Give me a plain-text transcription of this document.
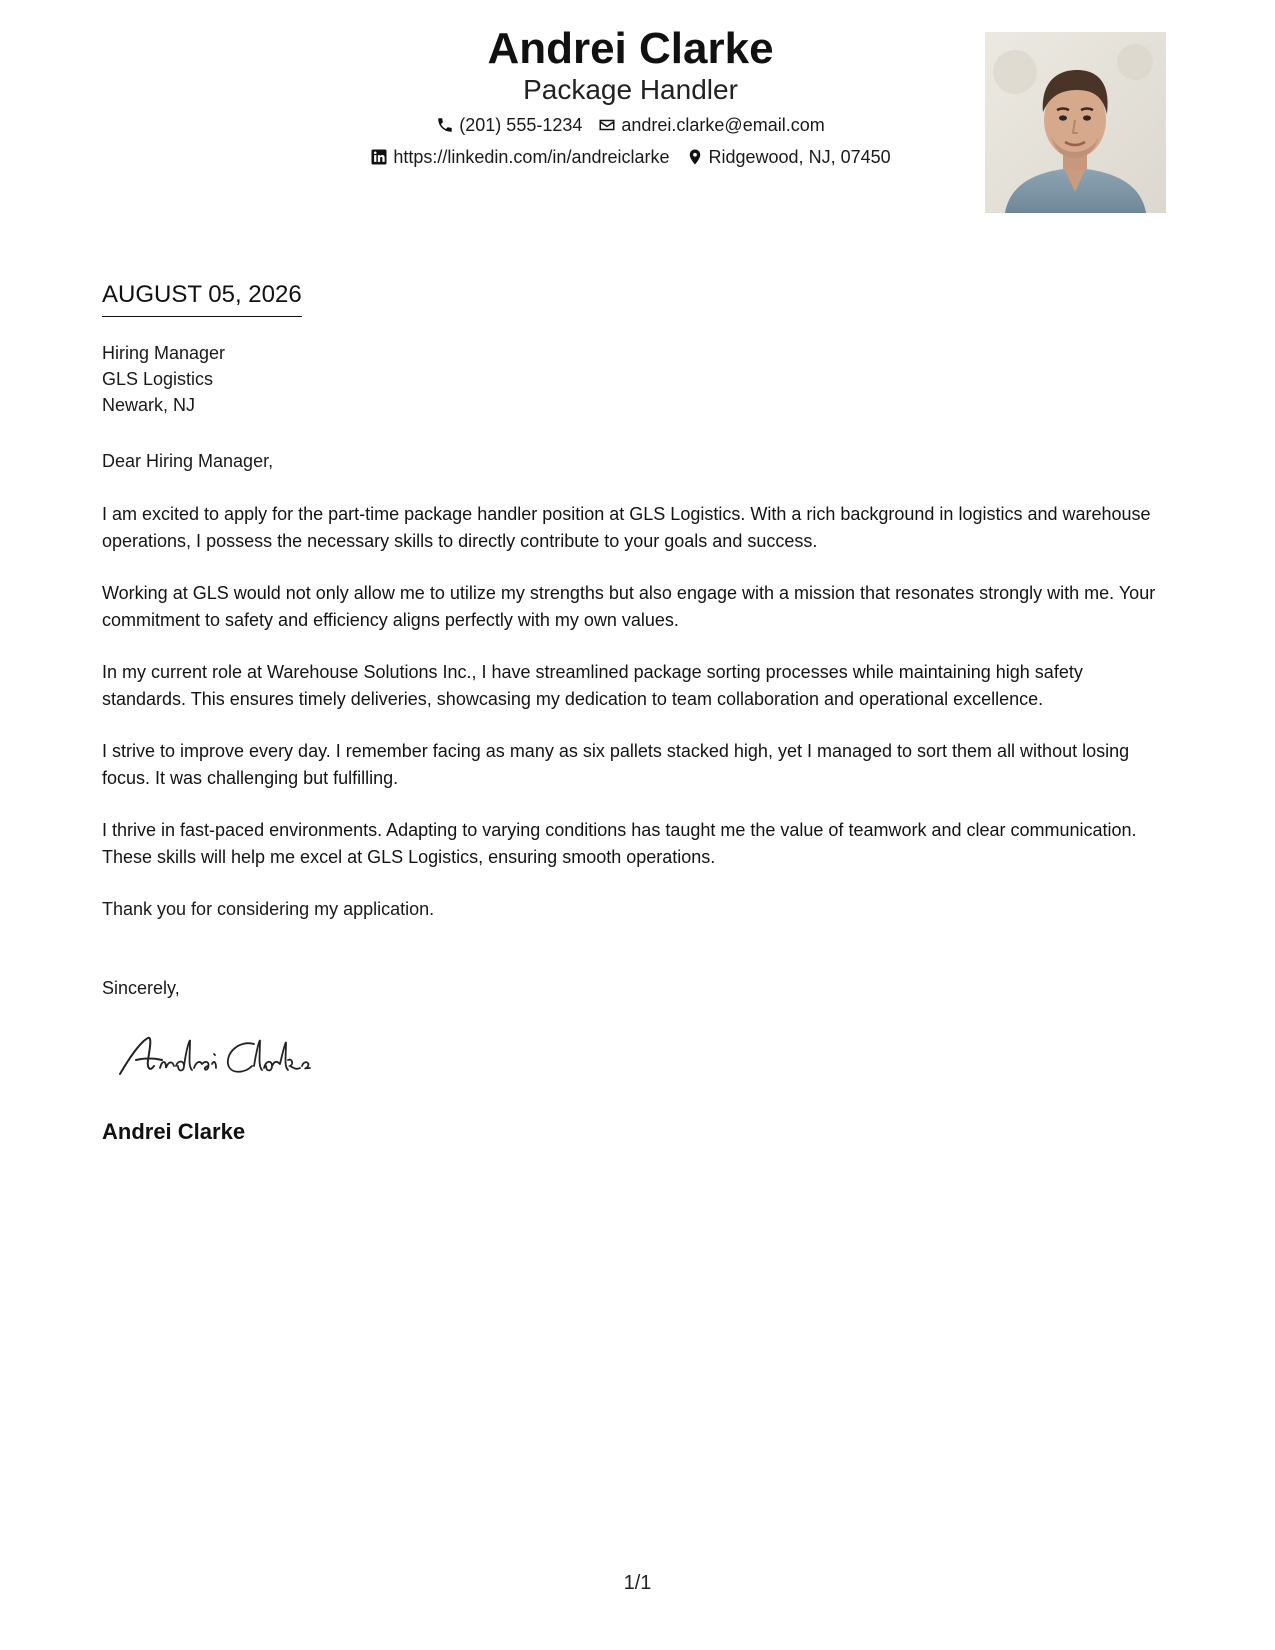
Andrei Clarke
Package Handler
(201) 555-1234 andrei.clarke@email.com
https://linkedin.com/in/andreiclarke Ridgewood, NJ, 07450
AUGUST 05, 2026
Hiring Manager
GLS Logistics
Newark, NJ
Dear Hiring Manager,

I am excited to apply for the part-time package handler position at GLS Logistics. With a rich background in logistics and warehouse operations, I possess the necessary skills to directly contribute to your goals and success.

Working at GLS would not only allow me to utilize my strengths but also engage with a mission that resonates strongly with me. Your commitment to safety and efficiency aligns perfectly with my own values.

In my current role at Warehouse Solutions Inc., I have streamlined package sorting processes while maintaining high safety standards. This ensures timely deliveries, showcasing my dedication to team collaboration and operational excellence.

I strive to improve every day. I remember facing as many as six pallets stacked high, yet I managed to sort them all without losing focus. It was challenging but fulfilling.

I thrive in fast-paced environments. Adapting to varying conditions has taught me the value of teamwork and clear communication. These skills will help me excel at GLS Logistics, ensuring smooth operations.

Thank you for considering my application.
Sincerely,
Andrei Clarke
1/1
